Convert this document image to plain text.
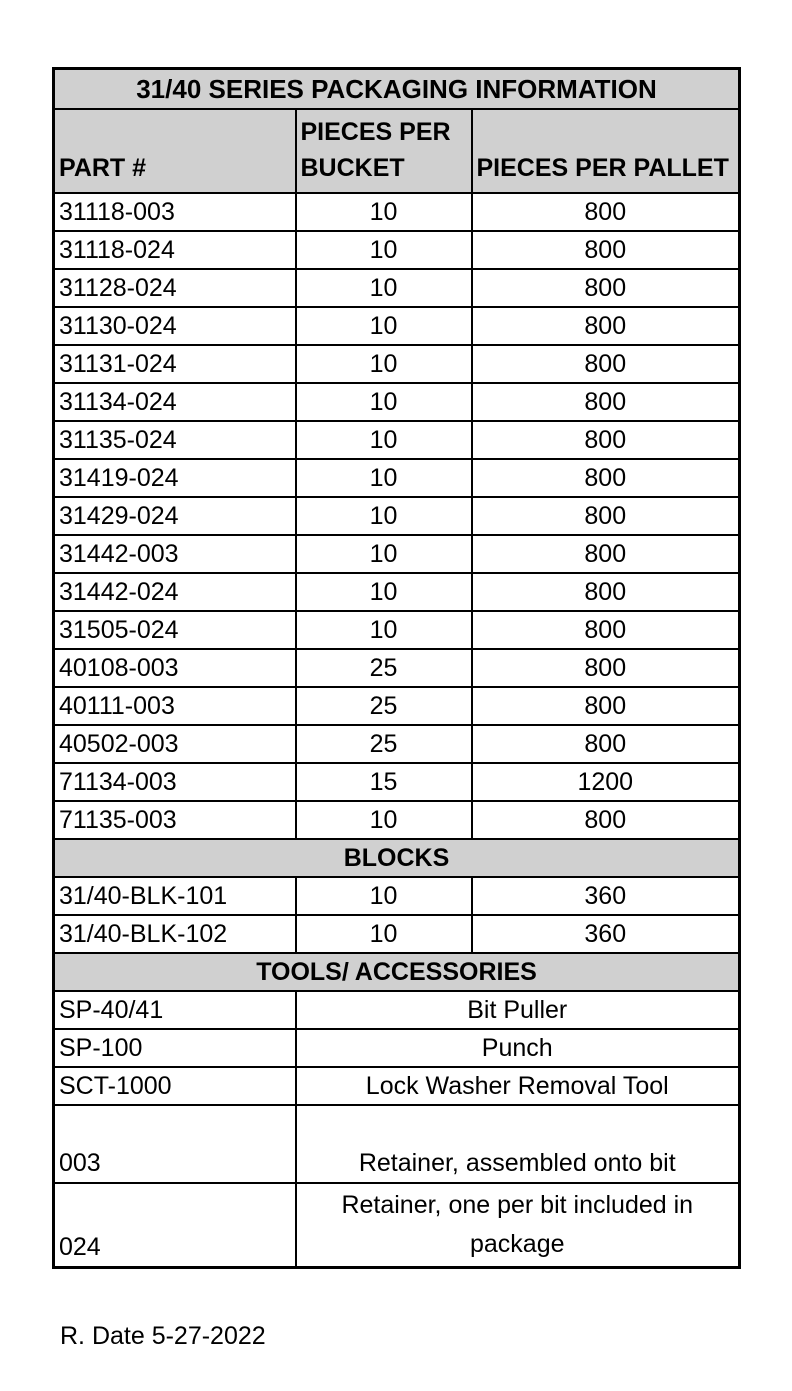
31/40 SERIES PACKAGING INFORMATION		
PART #	PIECES PER BUCKET	PIECES PER PALLET
31118-003	10	800
31118-024	10	800
31128-024	10	800
31130-024	10	800
31131-024	10	800
31134-024	10	800
31135-024	10	800
31419-024	10	800
31429-024	10	800
31442-003	10	800
31442-024	10	800
31505-024	10	800
40108-003	25	800
40111-003	25	800
40502-003	25	800
71134-003	15	1200
71135-003	10	800
BLOCKS		
31/40-BLK-101	10	360
31/40-BLK-102	10	360
TOOLS/ ACCESSORIES		
SP-40/41	Bit Puller	
SP-100	Punch	
SCT-1000	Lock Washer Removal Tool	
003	Retainer, assembled onto bit	
024	Retainer, one per bit included in package	
R. Date 5-27-2022
